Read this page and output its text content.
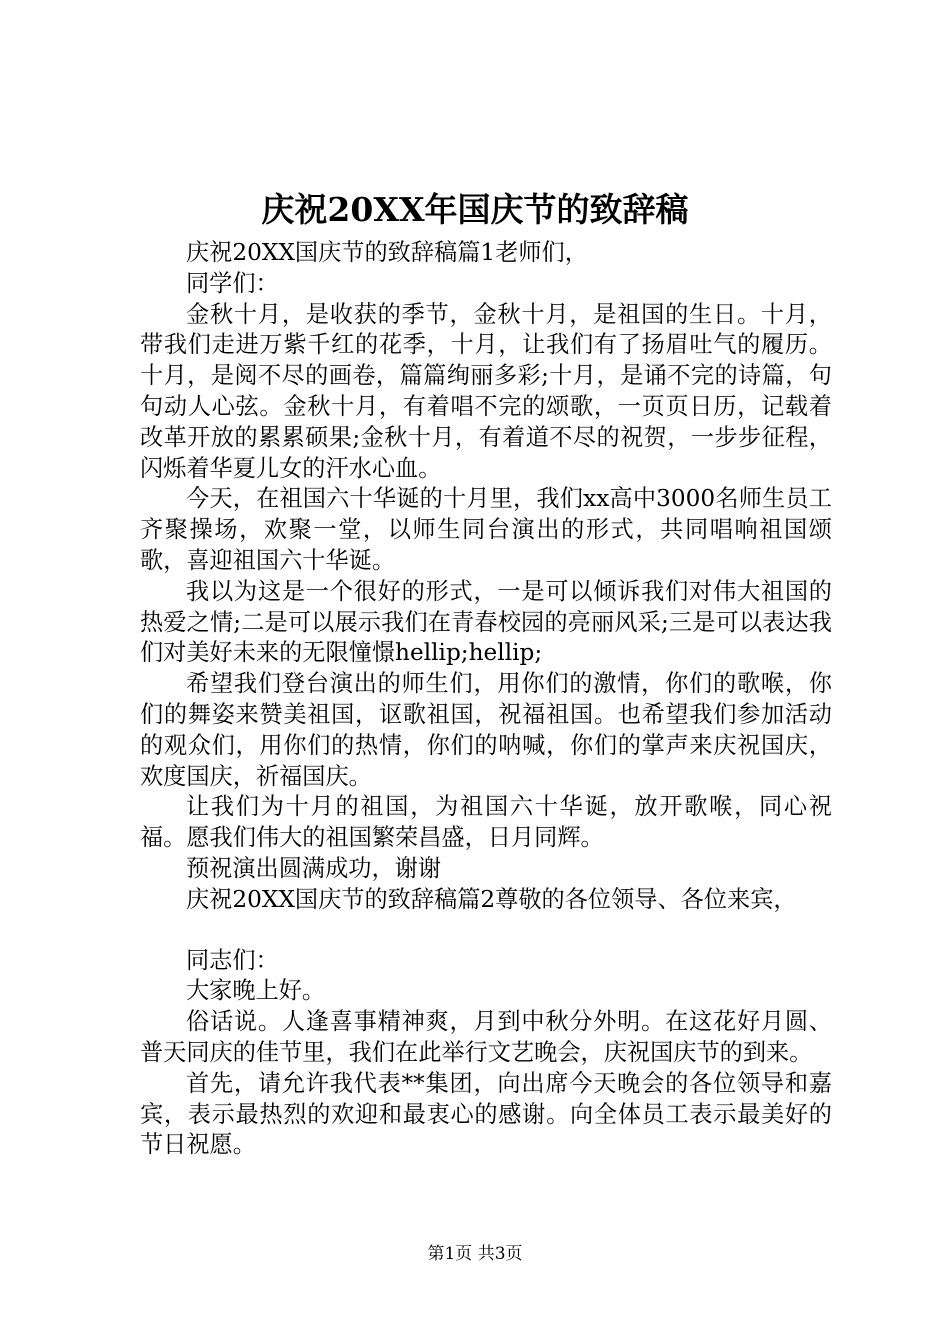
庆祝20XX年国庆节的致辞稿

庆祝20XX国庆节的致辞稿篇1老师们，

同学们：

金秋十月，是收获的季节，金秋十月，是祖国的生日。十月，带我们走进万紫千红的花季，十月，让我们有了扬眉吐气的履历。十月，是阅不尽的画卷，篇篇绚丽多彩;十月，是诵不完的诗篇，句句动人心弦。金秋十月，有着唱不完的颂歌，一页页日历，记载着改革开放的累累硕果;金秋十月，有着道不尽的祝贺，一步步征程，闪烁着华夏儿女的汗水心血。

今天，在祖国六十华诞的十月里，我们xx高中3000名师生员工齐聚操场，欢聚一堂，以师生同台演出的形式，共同唱响祖国颂歌，喜迎祖国六十华诞。

我以为这是一个很好的形式，一是可以倾诉我们对伟大祖国的热爱之情;二是可以展示我们在青春校园的亮丽风采;三是可以表达我们对美好未来的无限憧憬hellip;hellip;

希望我们登台演出的师生们，用你们的激情，你们的歌喉，你们的舞姿来赞美祖国，讴歌祖国，祝福祖国。也希望我们参加活动的观众们，用你们的热情，你们的呐喊，你们的掌声来庆祝国庆，欢度国庆，祈福国庆。

让我们为十月的祖国，为祖国六十华诞，放开歌喉，同心祝福。愿我们伟大的祖国繁荣昌盛，日月同辉。

预祝演出圆满成功，谢谢

庆祝20XX国庆节的致辞稿篇2尊敬的各位领导、各位来宾，

同志们：

大家晚上好。

俗话说。人逢喜事精神爽，月到中秋分外明。在这花好月圆、普天同庆的佳节里，我们在此举行文艺晚会，庆祝国庆节的到来。

首先，请允许我代表**集团，向出席今天晚会的各位领导和嘉宾，表示最热烈的欢迎和最衷心的感谢。向全体员工表示最美好的节日祝愿。

第1页 共3页
